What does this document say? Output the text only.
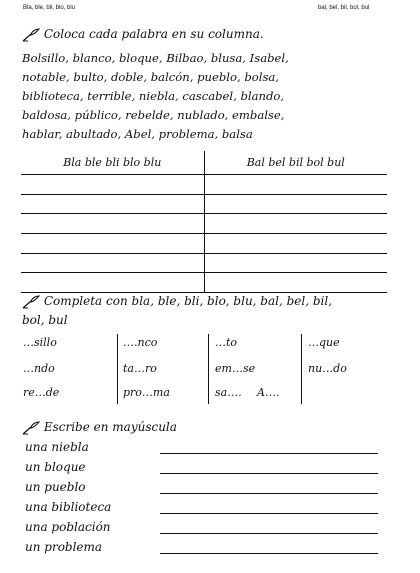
Bla, ble, bli, blo, blu	bal, bel, bil, bol, bul
Coloca cada palabra en su columna.
Bolsillo, blanco, bloque, Bilbao, blusa, Isabel,
notable, bulto, doble, balcón, pueblo, bolsa,
biblioteca, terrible, niebla, cascabel, blando,
baldosa, público, rebelde, nublado, embalse,
hablar, abultado, Abel, problema, balsa
Bla ble bli blo blu	Bal bel bil bol bul

Completa con bla, ble, bli, blo, blu, bal, bel, bil,
bol, bul
…sillo	….nco	…to	…que
…ndo	ta…ro	em…se	nu…do
re…de	pro…ma	sa…. A….
Escribe en mayúscula
una niebla
un bloque
un pueblo
una biblioteca
una población
un problema
